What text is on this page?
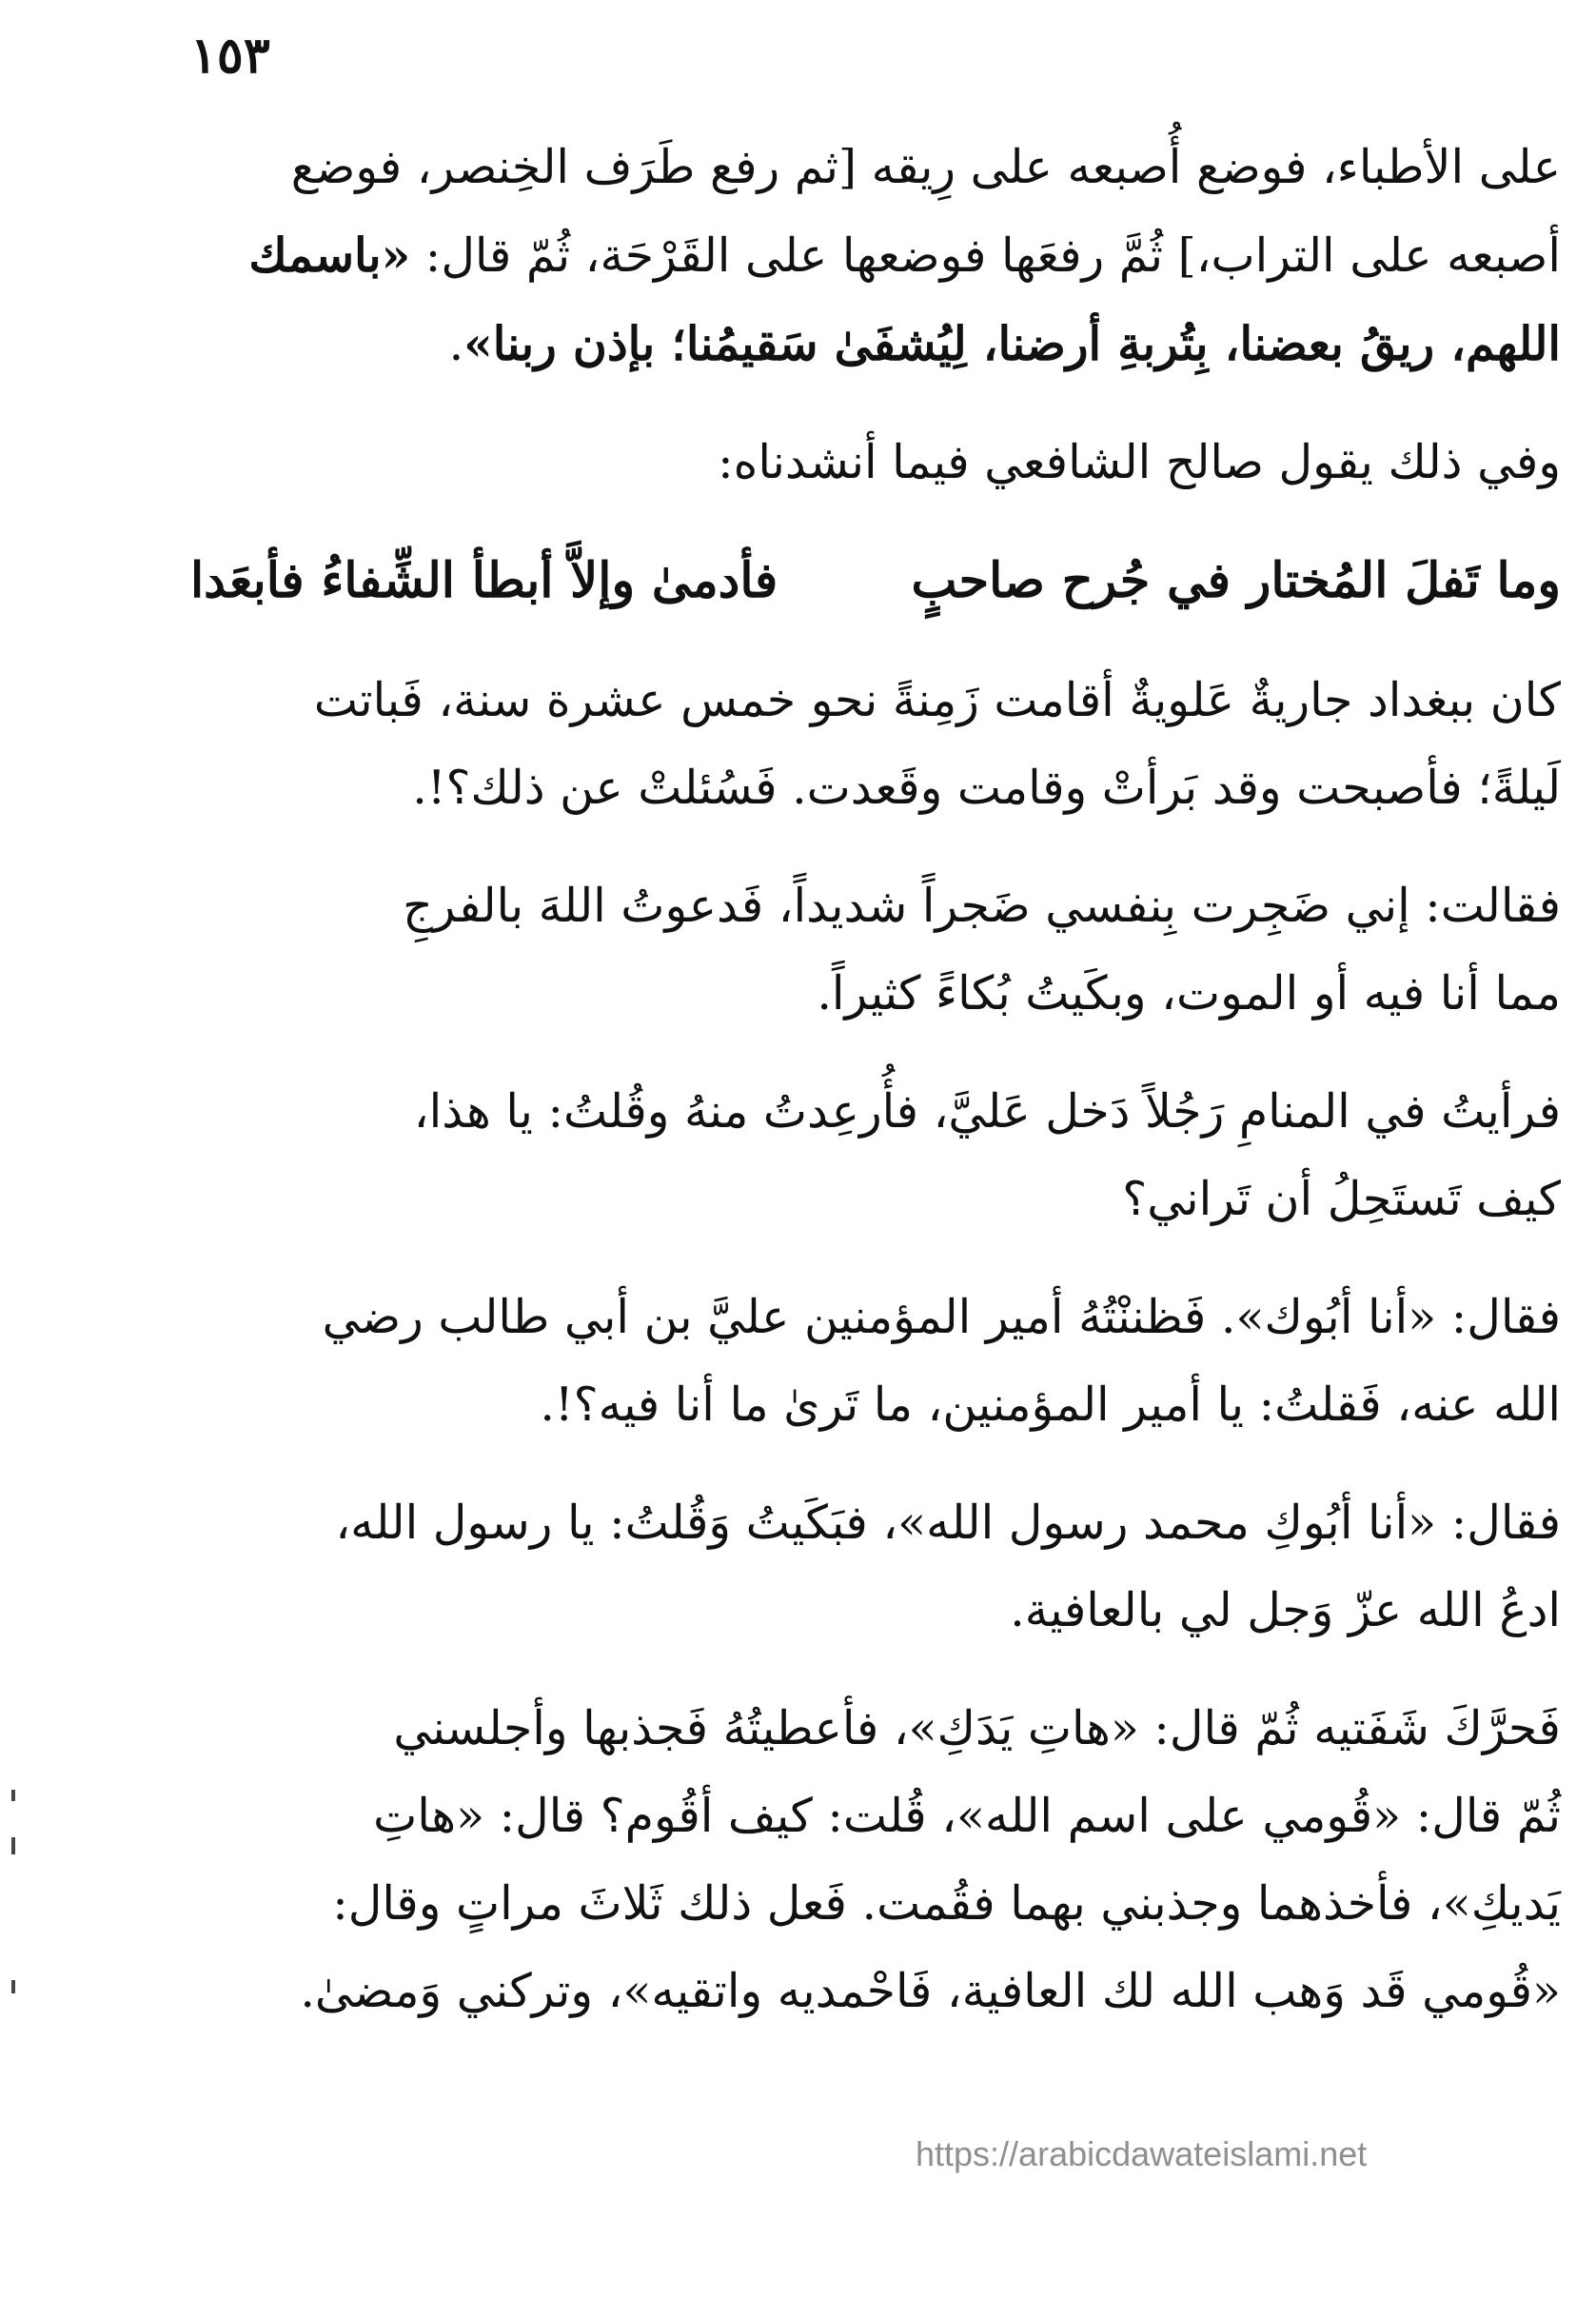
١٥٣

على الأطباء، فوضع أُصبعه على رِيقه [ثم رفع طَرَف الخِنصر، فوضع

أصبعه على التراب،] ثُمَّ رفعَها فوضعها على القَرْحَة، ثُمّ قال: «باسمك

اللهم، ريقُ بعضنا، بِتُربةِ أرضنا، لِيُشفَىٰ سَقيمُنا؛ بإذن ربنا».

وفي ذلك يقول صالح الشافعي فيما أنشدناه:

وما تَفلَ المُختار في جُرح صاحبٍ
فأدمىٰ وإلاَّ أبطأ الشِّفاءُ فأبعَدا

كان ببغداد جاريةٌ عَلويةٌ أقامت زَمِنةً نحو خمس عشرة سنة، فَباتت

لَيلةً؛ فأصبحت وقد بَرأتْ وقامت وقَعدت. فَسُئلتْ عن ذلك؟!.

فقالت: إني ضَجِرت بِنفسي ضَجراً شديداً، فَدعوتُ اللهَ بالفرجِ

مما أنا فيه أو الموت، وبكَيتُ بُكاءً كثيراً.

فرأيتُ في المنامِ رَجُلاً دَخل عَليَّ، فأُرعِدتُ منهُ وقُلتُ: يا هذا،

كيف تَستَحِلُ أن تَراني؟

فقال: «أنا أبُوك». فَظننْتُهُ أمير المؤمنين عليَّ بن أبي طالب رضي

الله عنه، فَقلتُ: يا أمير المؤمنين، ما تَرىٰ ما أنا فيه؟!.

فقال: «أنا أبُوكِ محمد رسول الله»، فبَكَيتُ وَقُلتُ: يا رسول الله،

ادعُ الله عزّ وَجل لي بالعافية.

فَحرَّكَ شَفَتيه ثُمّ قال: «هاتِ يَدَكِ»، فأعطيتُهُ فَجذبها وأجلسني

ثُمّ قال: «قُومي على اسم الله»، قُلت: كيف أقُوم؟ قال: «هاتِ

يَديكِ»، فأخذهما وجذبني بهما فقُمت. فَعل ذلك ثَلاثَ مراتٍ وقال:

«قُومي قَد وَهب الله لك العافية، فَاحْمديه واتقيه»، وتركني وَمضىٰ.

https://arabicdawateislami.net
